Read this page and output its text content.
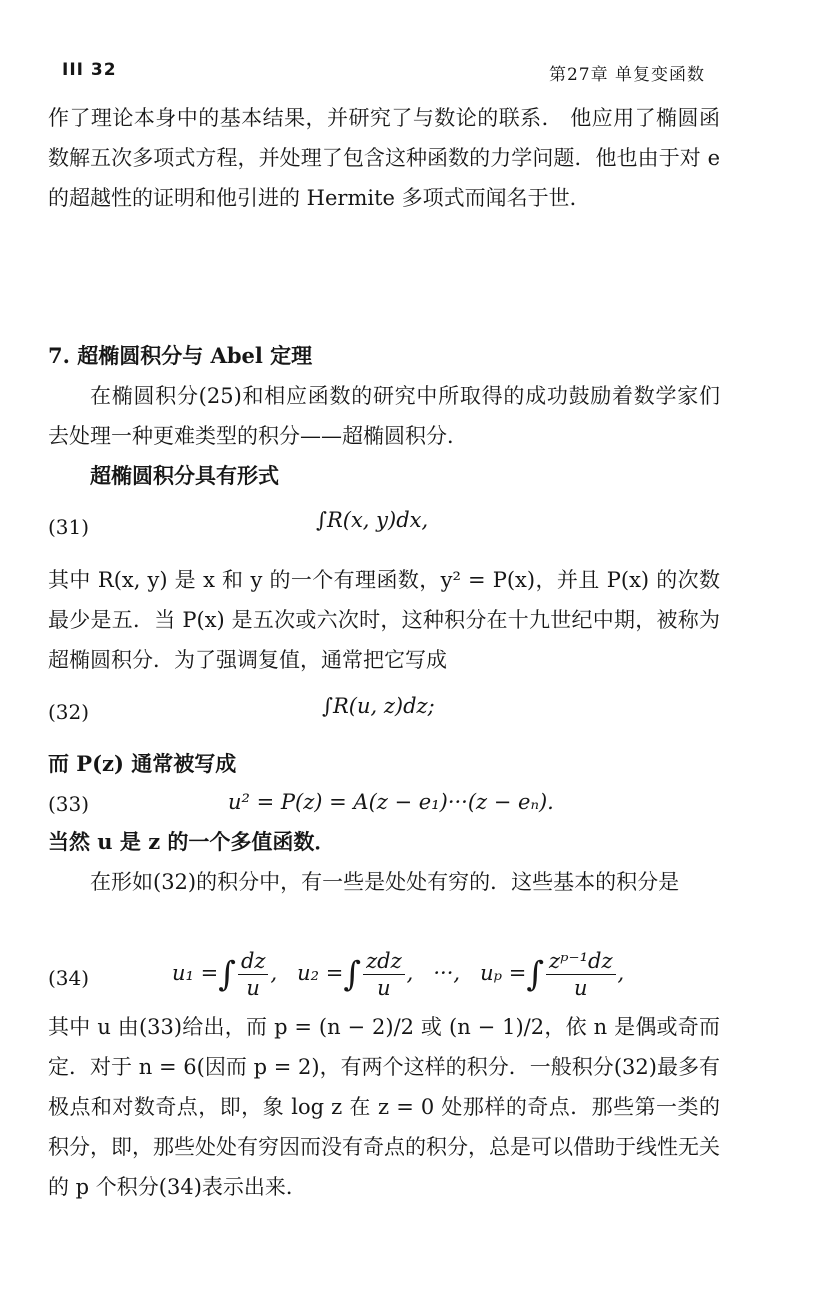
III 32	第27章 单复变函数

作了理论本身中的基本结果，并研究了与数论的联系． 他应用了椭圆函数解五次多项式方程，并处理了包含这种函数的力学问题．他也由于对 e 的超越性的证明和他引进的 Hermite 多项式而闻名于世．

7. 超椭圆积分与 Abel 定理

在椭圆积分(25)和相应函数的研究中所取得的成功鼓励着数学家们去处理一种更难类型的积分——超椭圆积分．

超椭圆积分具有形式

(31)	∫R(x, y)dx,

其中 R(x, y) 是 x 和 y 的一个有理函数，y² = P(x)，并且 P(x) 的次数最少是五．当 P(x) 是五次或六次时，这种积分在十九世纪中期，被称为超椭圆积分．为了强调复值，通常把它写成

(32)	∫R(u, z)dz;

而 P(z) 通常被写成

(33)	u² = P(z) = A(z − e₁)···(z − eₙ).

当然 u 是 z 的一个多值函数．

在形如(32)的积分中，有一些是处处有穷的．这些基本的积分是

(34)	u₁ =∫ $\frac{dz}{u}$ ,   u₂ =∫ $\frac{\text{zdz}}{u}$ ,   ···, uₚ =∫ $\frac{\text{zᵖ⁻¹dz}}{u}$ ,

其中 u 由(33)给出，而 p = (n − 2)/2 或 (n − 1)/2，依 n 是偶或奇而定．对于 n = 6(因而 p = 2)，有两个这样的积分．一般积分(32)最多有极点和对数奇点，即，象 log z 在 z = 0 处那样的奇点．那些第一类的积分，即，那些处处有穷因而没有奇点的积分，总是可以借助于线性无关的 p 个积分(34)表示出来．
